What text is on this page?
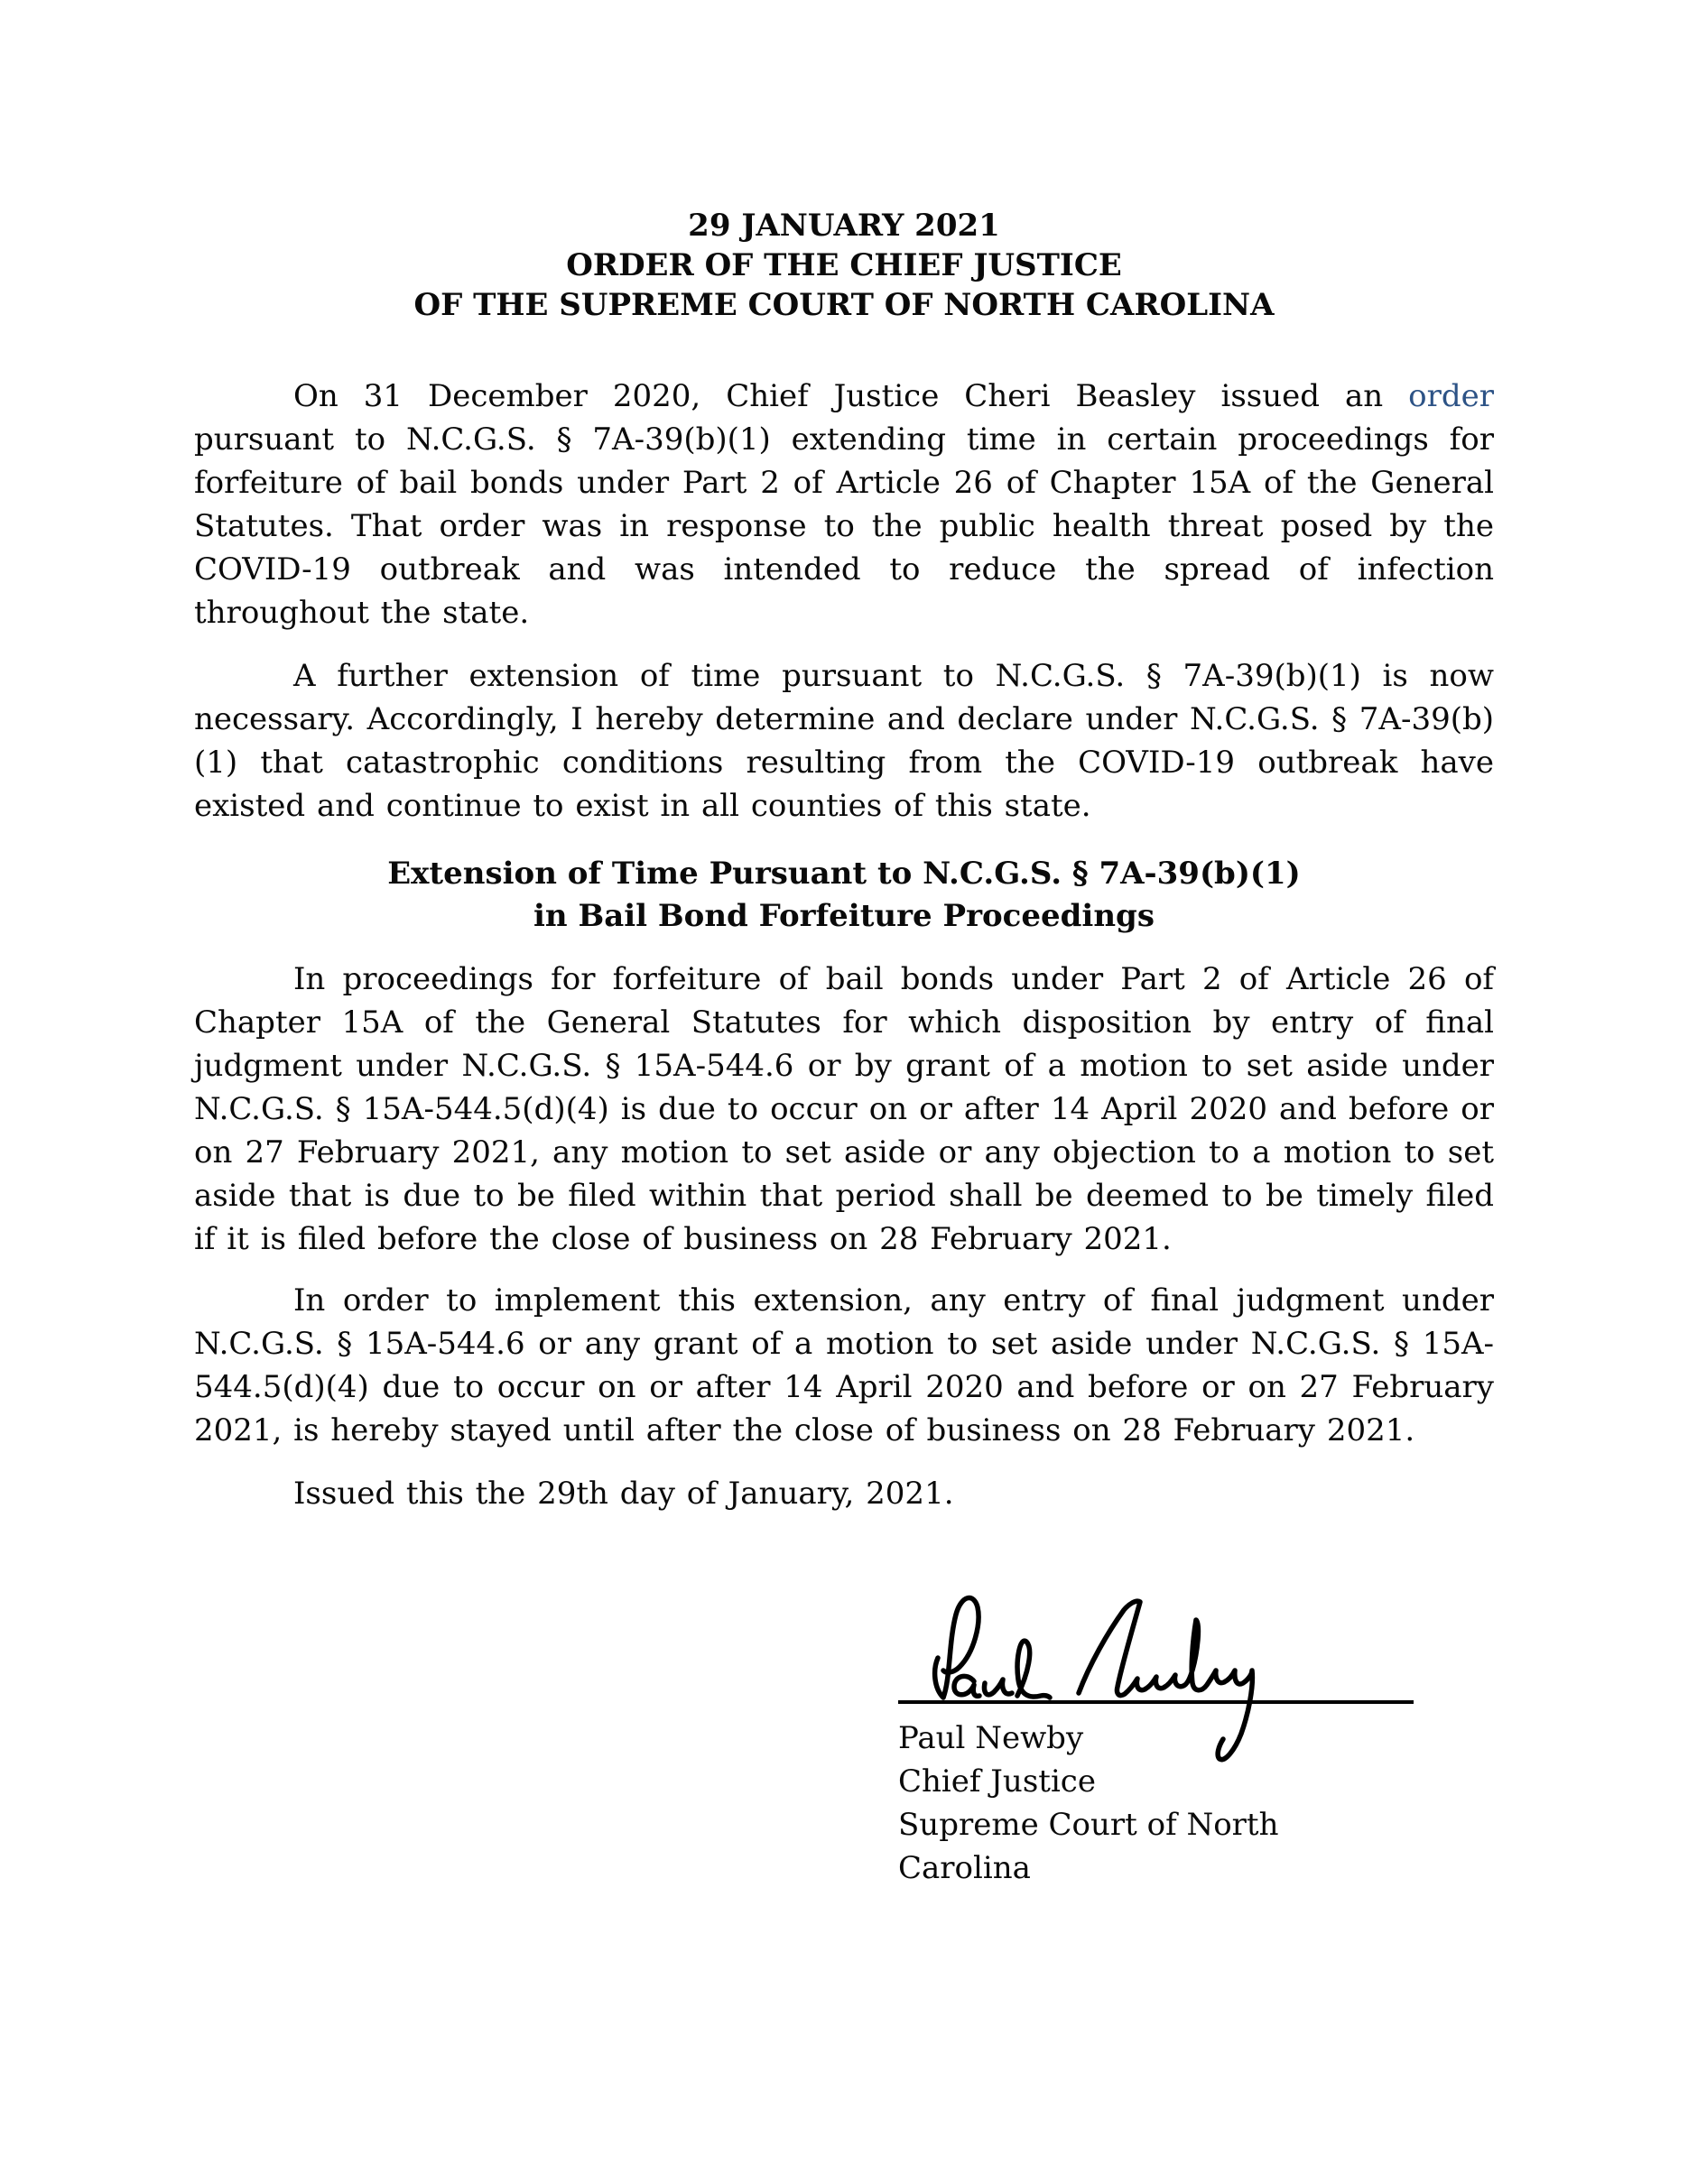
29 JANUARY 2021
ORDER OF THE CHIEF JUSTICE
OF THE SUPREME COURT OF NORTH CAROLINA

On 31 December 2020, Chief Justice Cheri Beasley issued an order pursuant to N.C.G.S. § 7A-39(b)(1) extending time in certain proceedings for forfeiture of bail bonds under Part 2 of Article 26 of Chapter 15A of the General Statutes. That order was in response to the public health threat posed by the COVID-19 outbreak and was intended to reduce the spread of infection throughout the state.

A further extension of time pursuant to N.C.G.S. § 7A-39(b)(1) is now necessary. Accordingly, I hereby determine and declare under N.C.G.S. § 7A-39(b)(1) that catastrophic conditions resulting from the COVID-19 outbreak have existed and continue to exist in all counties of this state.

Extension of Time Pursuant to N.C.G.S. § 7A-39(b)(1)
in Bail Bond Forfeiture Proceedings

In proceedings for forfeiture of bail bonds under Part 2 of Article 26 of Chapter 15A of the General Statutes for which disposition by entry of final judgment under N.C.G.S. § 15A-544.6 or by grant of a motion to set aside under N.C.G.S. § 15A-544.5(d)(4) is due to occur on or after 14 April 2020 and before or on 27 February 2021, any motion to set aside or any objection to a motion to set aside that is due to be filed within that period shall be deemed to be timely filed if it is filed before the close of business on 28 February 2021.

In order to implement this extension, any entry of final judgment under N.C.G.S. § 15A-544.6 or any grant of a motion to set aside under N.C.G.S. § 15A-544.5(d)(4) due to occur on or after 14 April 2020 and before or on 27 February 2021, is hereby stayed until after the close of business on 28 February 2021.

Issued this the 29th day of January, 2021.

Paul Newby
Chief Justice
Supreme Court of North Carolina
